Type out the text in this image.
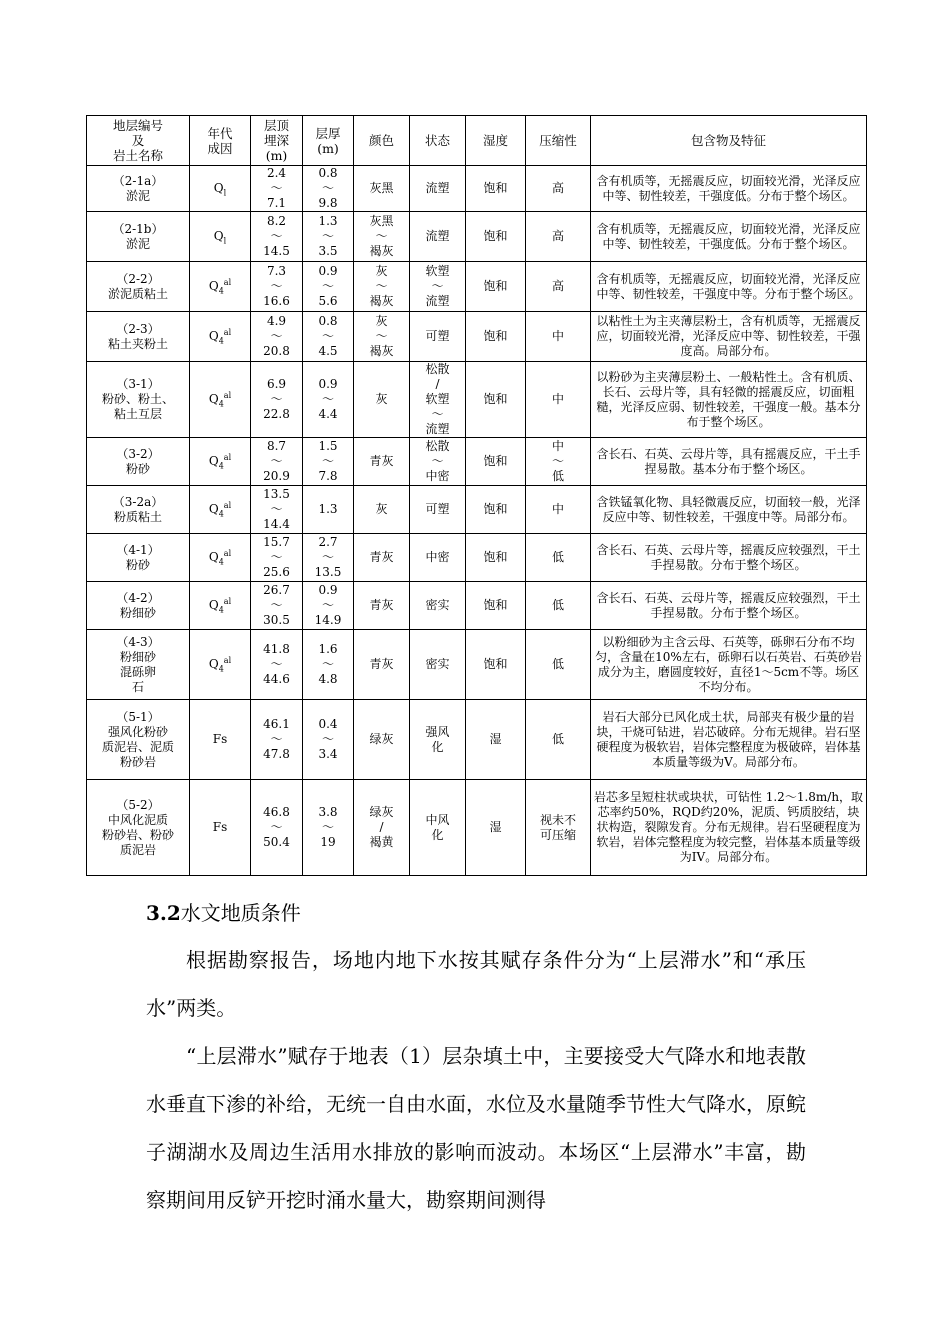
地层编号
及
岩土名称	年代
成因	层顶
埋深
(m)	层厚
(m)	颜色	状态	湿度	压缩性	包含物及特征

（2-1a）
淤泥	$Q_l$	2.4
～
7.1	0.8
～
9.8	灰黑	流塑	饱和	高	含有机质等，无摇震反应，切面较光滑，光泽反应中等、韧性较差，干强度低。分布于整个场区。

（2-1b）
淤泥	$Q_l$	8.2
～
14.5	1.3
～
3.5	灰黑
～
褐灰	流塑	饱和	高	含有机质等，无摇震反应，切面较光滑，光泽反应中等、韧性较差，干强度低。分布于整个场区。

（2-2）
淤泥质粘土	$Q_4^{al}$	7.3
～
16.6	0.9
～
5.6	灰
～
褐灰	软塑
～
流塑	饱和	高	含有机质等，无摇震反应，切面较光滑，光泽反应中等、韧性较差，干强度中等。分布于整个场区。

（2-3）
粘土夹粉土	$Q_4^{al}$	4.9
～
20.8	0.8
～
4.5	灰
～
褐灰	可塑	饱和	中	以粘性土为主夹薄层粉土，含有机质等，无摇震反应，切面较光滑，光泽反应中等、韧性较差，干强度高。局部分布。

（3-1）
粉砂、粉土、
粘土互层	$Q_4^{al}$	6.9
～
22.8	0.9
～
4.4	灰	松散
/
软塑
～
流塑	饱和	中	以粉砂为主夹薄层粉土、一般粘性土。含有机质、长石、云母片等，具有轻微的摇震反应，切面粗糙，光泽反应弱、韧性较差，干强度一般。基本分布于整个场区。

（3-2）
粉砂	$Q_4^{al}$	8.7
～
20.9	1.5
～
7.8	青灰	松散
～
中密	饱和	中
～
低	含长石、石英、云母片等，具有摇震反应，干土手捏易散。基本分布于整个场区。

（3-2a）
粉质粘土	$Q_4^{al}$	13.5
～
14.4	1.3	灰	可塑	饱和	中	含铁锰氧化物、具轻微震反应，切面较一般，光泽反应中等、韧性较差，干强度中等。局部分布。

（4-1）
粉砂	$Q_4^{al}$	15.7
～
25.6	2.7
～
13.5	青灰	中密	饱和	低	含长石、石英、云母片等，摇震反应较强烈，干土手捏易散。分布于整个场区。

（4-2）
粉细砂	$Q_4^{al}$	26.7
～
30.5	0.9
～
14.9	青灰	密实	饱和	低	含长石、石英、云母片等，摇震反应较强烈，干土手捏易散。分布于整个场区。

（4-3）
粉细砂
混砾卵
石	$Q_4^{al}$	41.8
～
44.6	1.6
～
4.8	青灰	密实	饱和	低	以粉细砂为主含云母、石英等，砾卵石分布不均匀，含量在10%左右，砾卵石以石英岩、石英砂岩成分为主，磨圆度较好，直径1～5cm不等。场区不均分布。

（5-1）
强风化粉砂
质泥岩、泥质
粉砂岩	Fs	46.1
～
47.8	0.4
～
3.4	绿灰	强风
化	湿	低	岩石大部分已风化成土状，局部夹有极少量的岩块，干烧可钻进，岩芯破碎。分布无规律。岩石坚硬程度为极软岩，岩体完整程度为极破碎，岩体基本质量等级为V。局部分布。

（5-2）
中风化泥质
粉砂岩、粉砂
质泥岩	Fs	46.8
～
50.4	3.8
～
19	绿灰
/
褐黄	中风
化	湿	视未不
可压缩	岩芯多呈短柱状或块状，可钻性 1.2～1.8m/h，取芯率约50%，RQD约20%，泥质、钙质胶结，块状构造，裂隙发育。分布无规律。岩石坚硬程度为软岩，岩体完整程度为较完整，岩体基本质量等级为IV。局部分布。
3.2水文地质条件

根据勘察报告，场地内地下水按其赋存条件分为“上层滞水”和“承压水”两类。

“上层滞水”赋存于地表（1）层杂填土中，主要接受大气降水和地表散水垂直下渗的补给，无统一自由水面，水位及水量随季节性大气降水，原鲩子湖湖水及周边生活用水排放的影响而波动。本场区“上层滞水”丰富，勘察期间用反铲开挖时涌水量大，勘察期间测得
